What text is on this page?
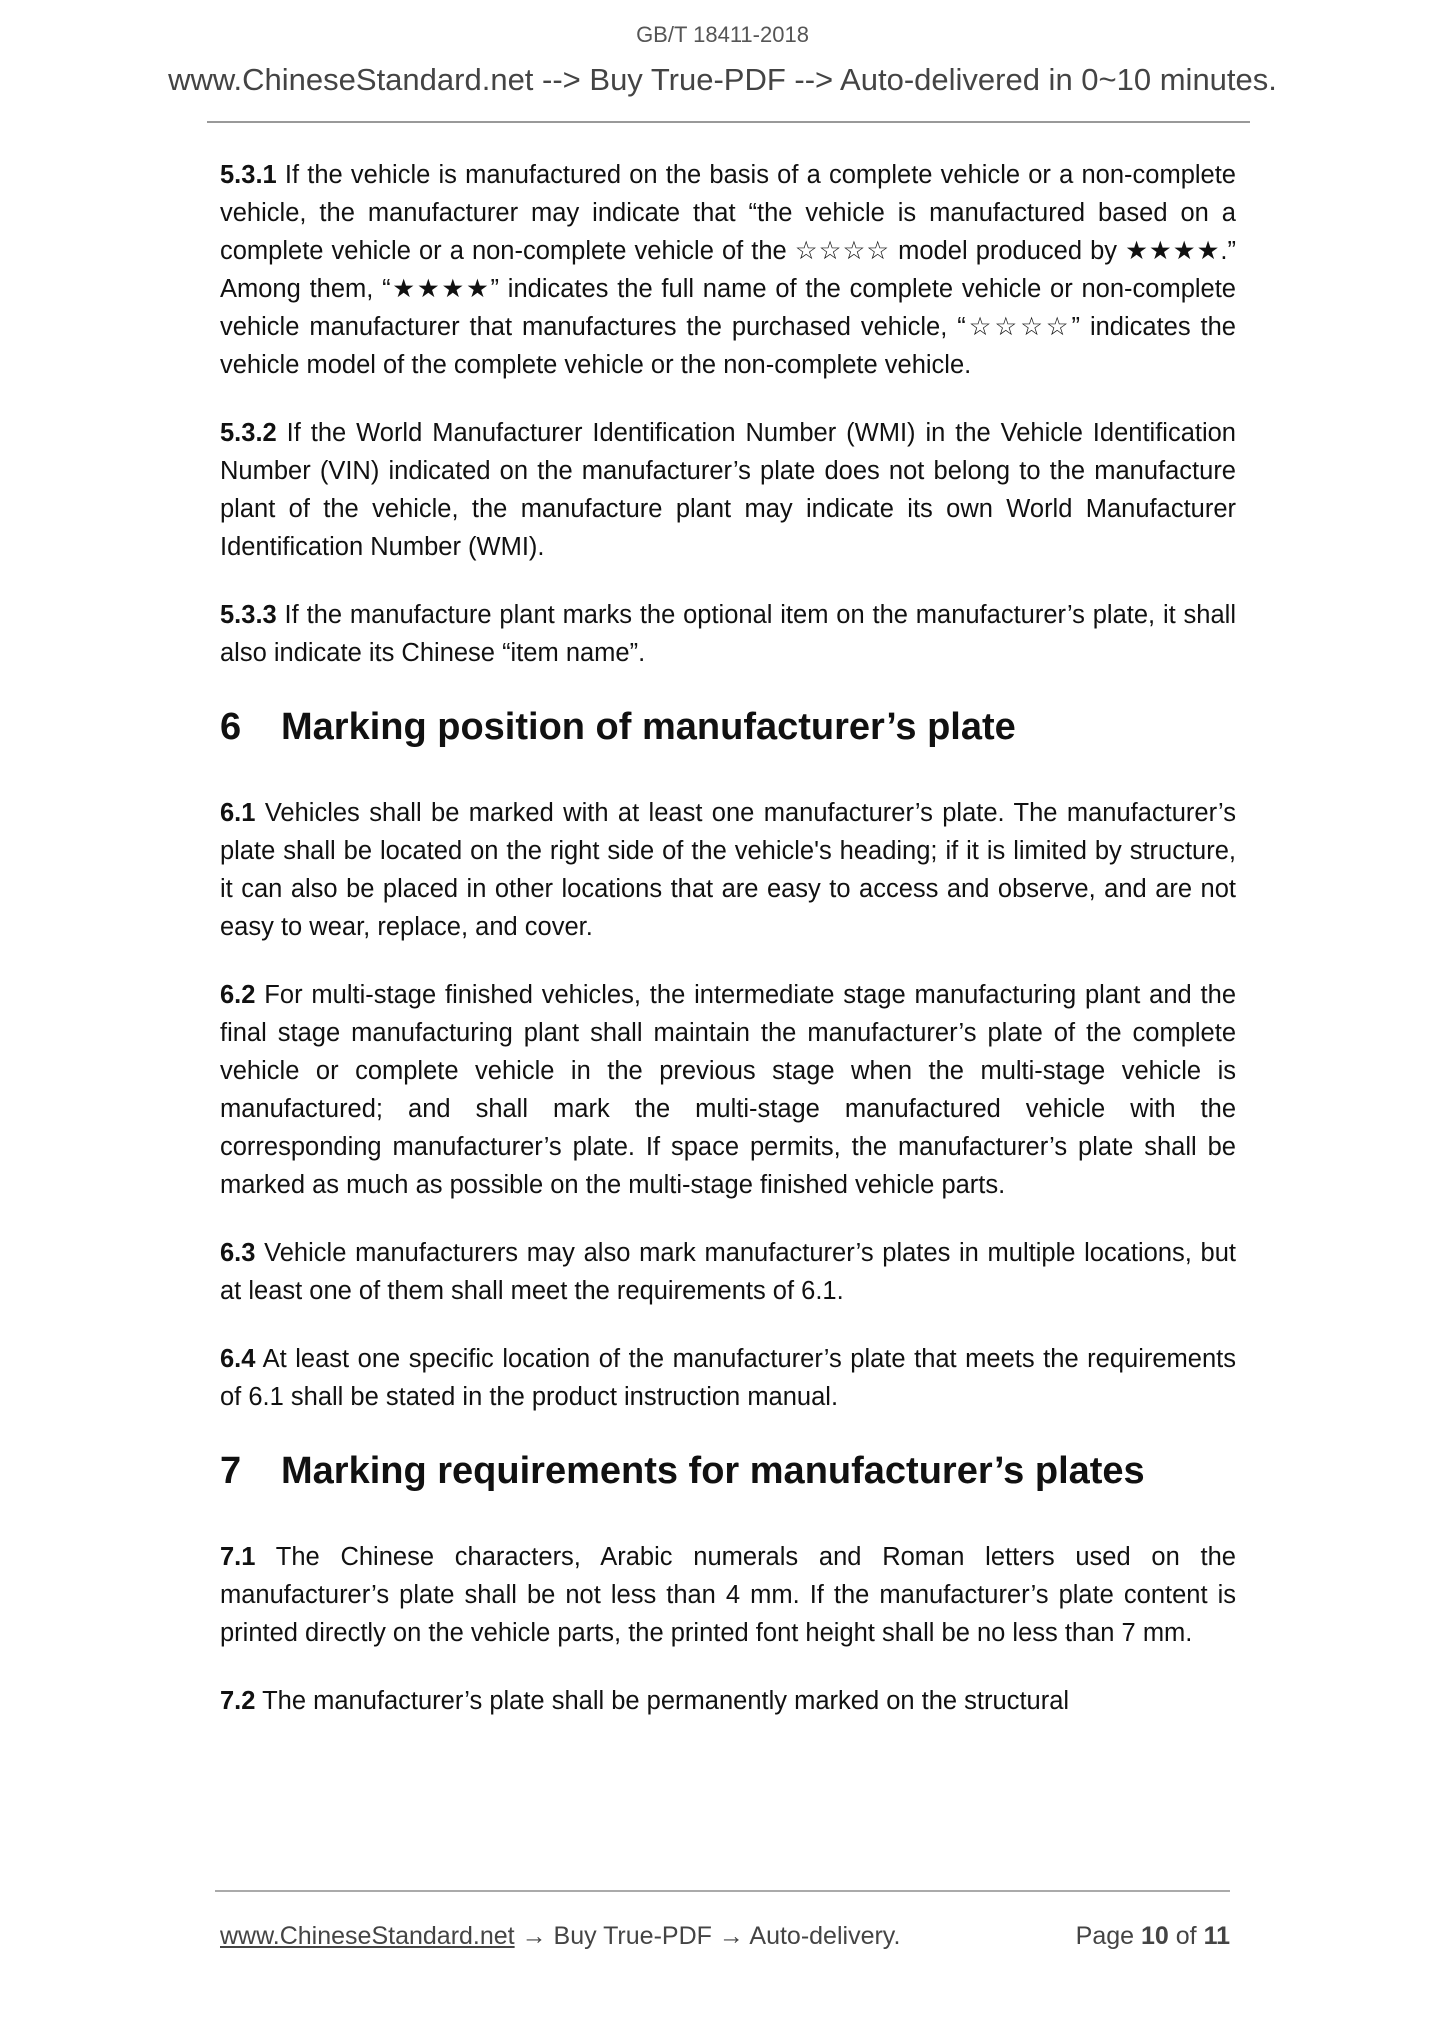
GB/T 18411-2018
www.ChineseStandard.net --> Buy True-PDF --> Auto-delivered in 0~10 minutes.

5.3.1 If the vehicle is manufactured on the basis of a complete vehicle or a non-complete vehicle, the manufacturer may indicate that “the vehicle is manufactured based on a complete vehicle or a non-complete vehicle of the ☆☆☆☆ model produced by ★★★★.” Among them, “★★★★” indicates the full name of the complete vehicle or non-complete vehicle manufacturer that manufactures the purchased vehicle, “☆☆☆☆” indicates the vehicle model of the complete vehicle or the non-complete vehicle.

5.3.2 If the World Manufacturer Identification Number (WMI) in the Vehicle Identification Number (VIN) indicated on the manufacturer’s plate does not belong to the manufacture plant of the vehicle, the manufacture plant may indicate its own World Manufacturer Identification Number (WMI).

5.3.3 If the manufacture plant marks the optional item on the manufacturer’s plate, it shall also indicate its Chinese “item name”.

6 Marking position of manufacturer’s plate

6.1 Vehicles shall be marked with at least one manufacturer’s plate. The manufacturer’s plate shall be located on the right side of the vehicle's heading; if it is limited by structure, it can also be placed in other locations that are easy to access and observe, and are not easy to wear, replace, and cover.

6.2 For multi-stage finished vehicles, the intermediate stage manufacturing plant and the final stage manufacturing plant shall maintain the manufacturer’s plate of the complete vehicle or complete vehicle in the previous stage when the multi-stage vehicle is manufactured; and shall mark the multi-stage manufactured vehicle with the corresponding manufacturer’s plate. If space permits, the manufacturer’s plate shall be marked as much as possible on the multi-stage finished vehicle parts.

6.3 Vehicle manufacturers may also mark manufacturer’s plates in multiple locations, but at least one of them shall meet the requirements of 6.1.

6.4 At least one specific location of the manufacturer’s plate that meets the requirements of 6.1 shall be stated in the product instruction manual.

7 Marking requirements for manufacturer’s plates

7.1 The Chinese characters, Arabic numerals and Roman letters used on the manufacturer’s plate shall be not less than 4 mm. If the manufacturer’s plate content is printed directly on the vehicle parts, the printed font height shall be no less than 7 mm.

7.2 The manufacturer’s plate shall be permanently marked on the structural

www.ChineseStandard.net → Buy True-PDF → Auto-delivery.	Page 10 of 11
